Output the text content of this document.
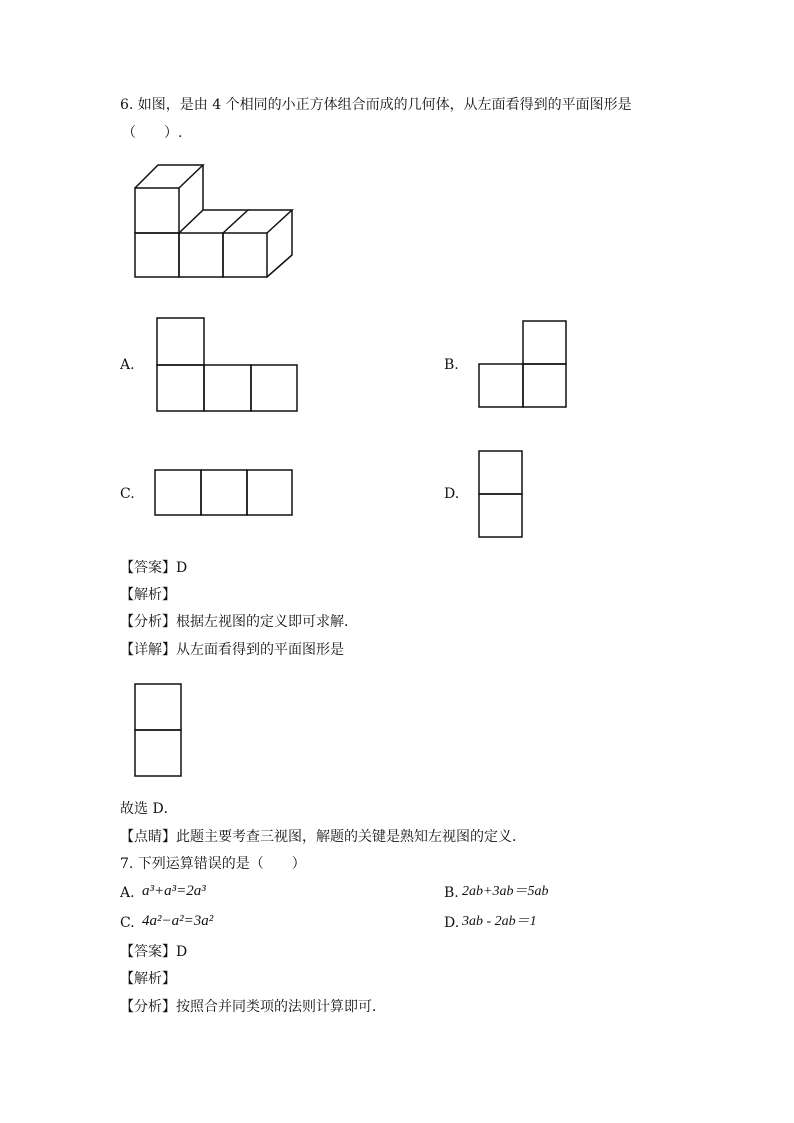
6. 如图，是由 4 个相同的小正方体组合而成的几何体，从左面看得到的平面图形是
（　　）.
A.	B.
C.	D.
【答案】D
【解析】
【分析】根据左视图的定义即可求解．
【详解】从左面看得到的平面图形是
故选 D．
【点睛】此题主要考查三视图，解题的关键是熟知左视图的定义．
7. 下列运算错误的是（　　）
A. a³+a³=2a³	B. 2ab+3ab＝5ab
C. 4a²−a²=3a²	D. 3ab - 2ab＝1
【答案】D
【解析】
【分析】按照合并同类项的法则计算即可．
